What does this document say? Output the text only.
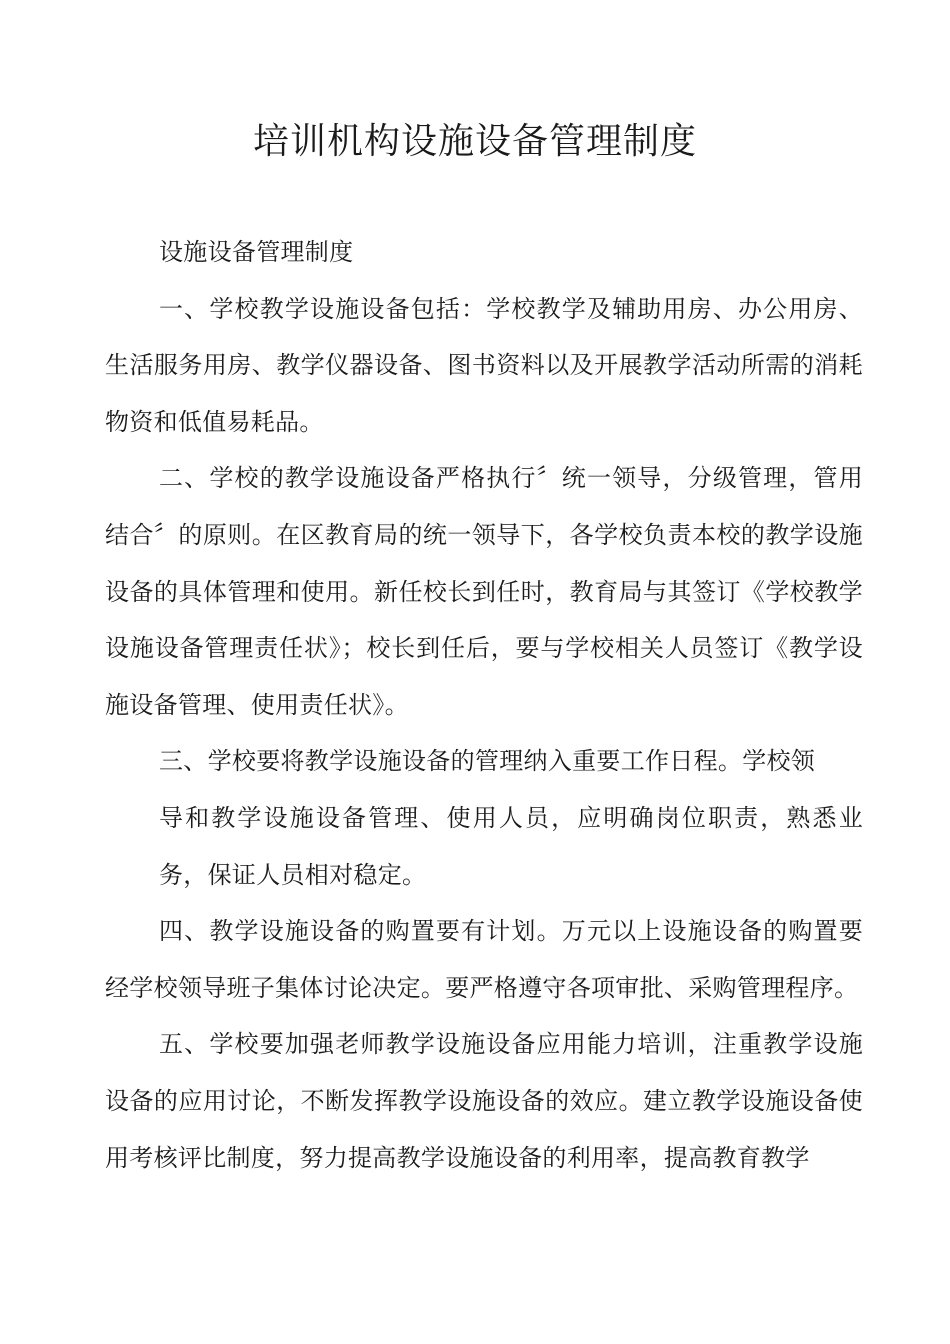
培训机构设施设备管理制度

设施设备管理制度

一、学校教学设施设备包括：学校教学及辅助用房、办公用房、生活服务用房、教学仪器设备、图书资料以及开展教学活动所需的消耗物资和低值易耗品。

二、学校的教学设施设备严格执行〞统一领导，分级管理，管用结合〞的原则。在区教育局的统一领导下，各学校负责本校的教学设施设备的具体管理和使用。新任校长到任时，教育局与其签订《学校教学设施设备管理责任状》；校长到任后，要与学校相关人员签订《教学设施设备管理、使用责任状》。

三、学校要将教学设施设备的管理纳入重要工作日程。学校领

导和教学设施设备管理、使用人员，应明确岗位职责，熟悉业务，保证人员相对稳定。

四、教学设施设备的购置要有计划。万元以上设施设备的购置要经学校领导班子集体讨论决定。要严格遵守各项审批、采购管理程序。

五、学校要加强老师教学设施设备应用能力培训，注重教学设施设备的应用讨论，不断发挥教学设施设备的效应。建立教学设施设备使用考核评比制度，努力提高教学设施设备的利用率，提高教育教学
